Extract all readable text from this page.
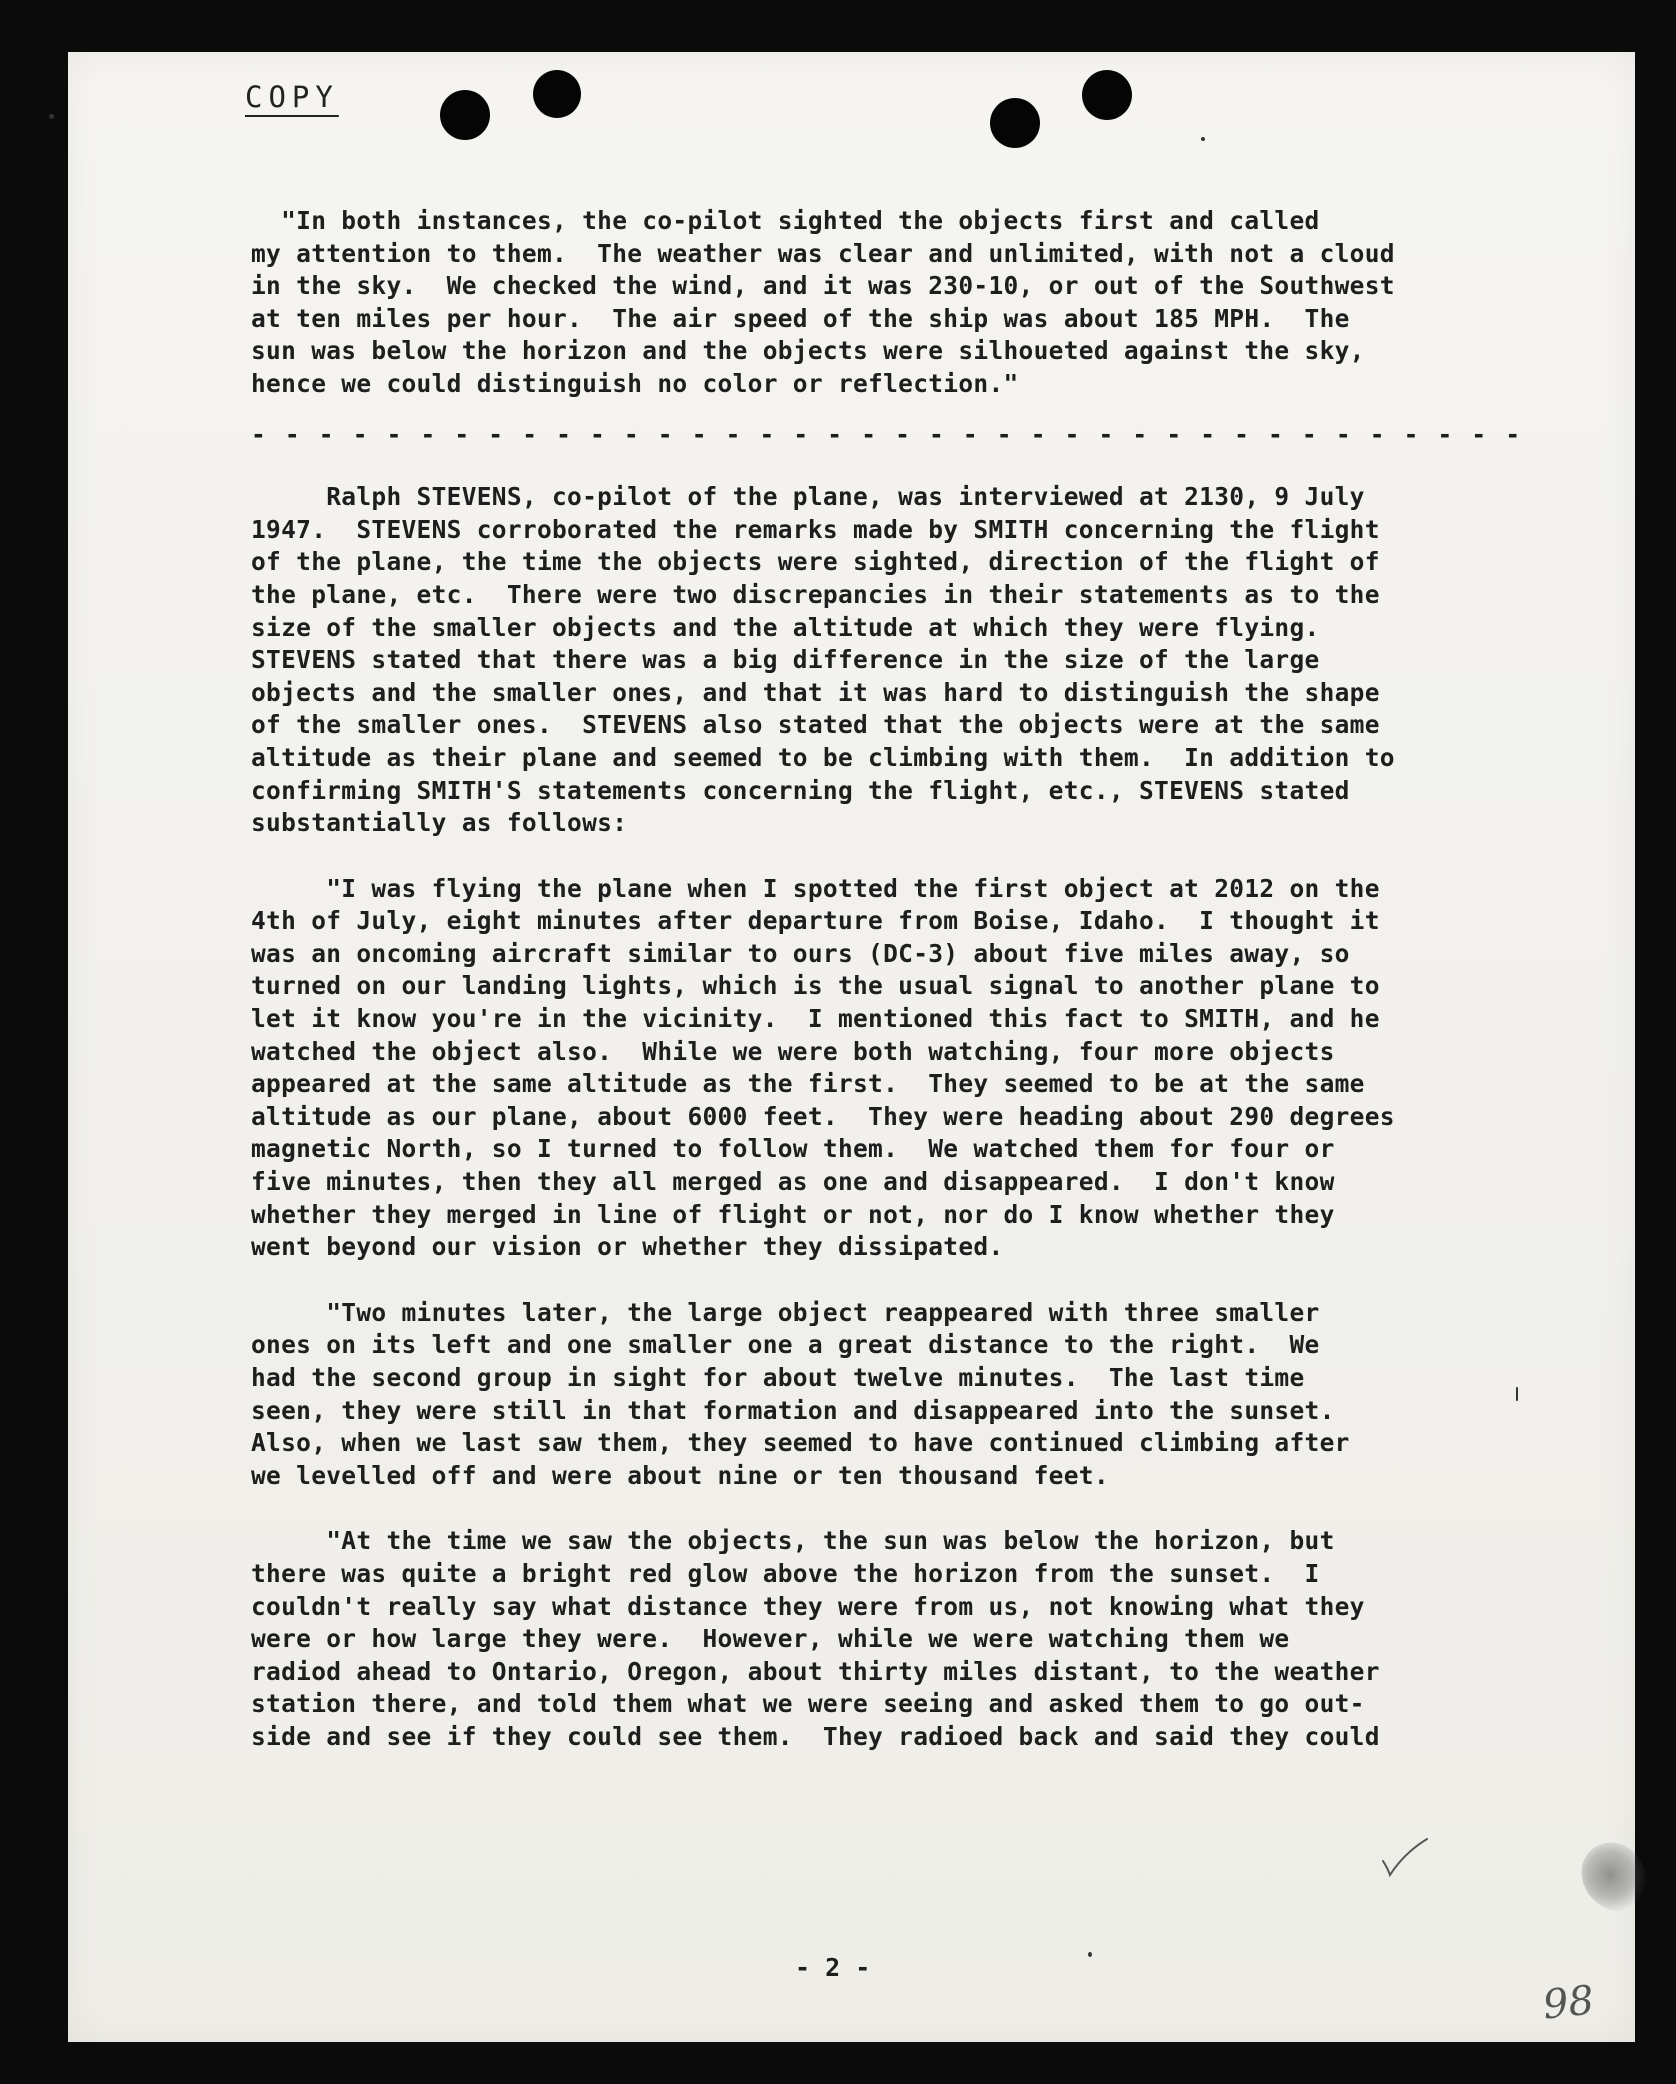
COPY
"In both instances, the co-pilot sighted the objects first and called
my attention to them.  The weather was clear and unlimited, with not a cloud
in the sky.  We checked the wind, and it was 230-10, or out of the Southwest
at ten miles per hour.  The air speed of the ship was about 185 MPH.  The
sun was below the horizon and the objects were silhoueted against the sky,
hence we could distinguish no color or reflection."
- - - - - - - - - - - - - - - - - - - - - - - - - - - - - - - - - - - - - -
Ralph STEVENS, co-pilot of the plane, was interviewed at 2130, 9 July
1947.  STEVENS corroborated the remarks made by SMITH concerning the flight
of the plane, the time the objects were sighted, direction of the flight of
the plane, etc.  There were two discrepancies in their statements as to the
size of the smaller objects and the altitude at which they were flying.
STEVENS stated that there was a big difference in the size of the large
objects and the smaller ones, and that it was hard to distinguish the shape
of the smaller ones.  STEVENS also stated that the objects were at the same
altitude as their plane and seemed to be climbing with them.  In addition to
confirming SMITH'S statements concerning the flight, etc., STEVENS stated
substantially as follows:
"I was flying the plane when I spotted the first object at 2012 on the
4th of July, eight minutes after departure from Boise, Idaho.  I thought it
was an oncoming aircraft similar to ours (DC-3) about five miles away, so
turned on our landing lights, which is the usual signal to another plane to
let it know you're in the vicinity.  I mentioned this fact to SMITH, and he
watched the object also.  While we were both watching, four more objects
appeared at the same altitude as the first.  They seemed to be at the same
altitude as our plane, about 6000 feet.  They were heading about 290 degrees
magnetic North, so I turned to follow them.  We watched them for four or
five minutes, then they all merged as one and disappeared.  I don't know
whether they merged in line of flight or not, nor do I know whether they
went beyond our vision or whether they dissipated.
"Two minutes later, the large object reappeared with three smaller
ones on its left and one smaller one a great distance to the right.  We
had the second group in sight for about twelve minutes.  The last time
seen, they were still in that formation and disappeared into the sunset.
Also, when we last saw them, they seemed to have continued climbing after
we levelled off and were about nine or ten thousand feet.
"At the time we saw the objects, the sun was below the horizon, but
there was quite a bright red glow above the horizon from the sunset.  I
couldn't really say what distance they were from us, not knowing what they
were or how large they were.  However, while we were watching them we
radiod ahead to Ontario, Oregon, about thirty miles distant, to the weather
station there, and told them what we were seeing and asked them to go out-
side and see if they could see them.  They radioed back and said they could
- 2 -
98
